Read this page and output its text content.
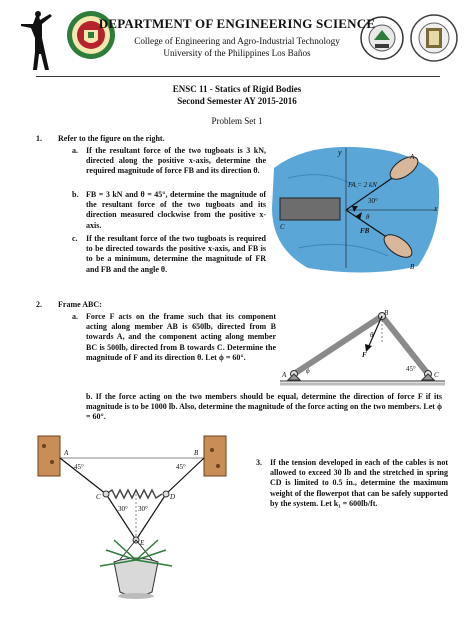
DEPARTMENT OF ENGINEERING SCIENCE
College of Engineering and Agro-Industrial Technology
University of the Philippines Los Baños
ENSC 11 - Statics of Rigid Bodies
Second Semester AY 2015-2016
Problem Set 1
1. Refer to the figure on the right.
a. If the resultant force of the two tugboats is 3 kN, directed along the positive x-axis, determine the required magnitude of force FB and its direction θ.
b. FB = 3 kN and θ = 45°, determine the magnitude of the resultant force of the two tugboats and its direction measured clockwise from the positive x-axis.
c. If the resultant force of the two tugboats is required to be directed towards the positive x-axis, and FB is to be a minimum, determine the magnitude of FR and FB and the angle θ.
y
x
FA = 2 kN
FB
30°
θ
A
B
C
2. Frame ABC:
a. Force F acts on the frame such that its component acting along member AB is 650lb, directed from B towards A, and the component acting along member BC is 500lb, directed from B towards C. Determine the magnitude of F and its direction θ. Let ϕ = 60°.
A
B
C
F
θ
ϕ	45°
b. If the force acting on the two members should be equal, determine the direction of force F if its magnitude is to be 1000 lb. Also, determine the magnitude of the force acting on the two members. Let ϕ = 60°.
A	B
C	D
E
45°	45°
30° 30°
3. If the tension developed in each of the cables is not allowed to exceed 30 lb and the stretched in spring CD is limited to 0.5 in., determine the maximum weight of the flowerpot that can be safely supported by the system. Let k₁ = 600lb/ft.
